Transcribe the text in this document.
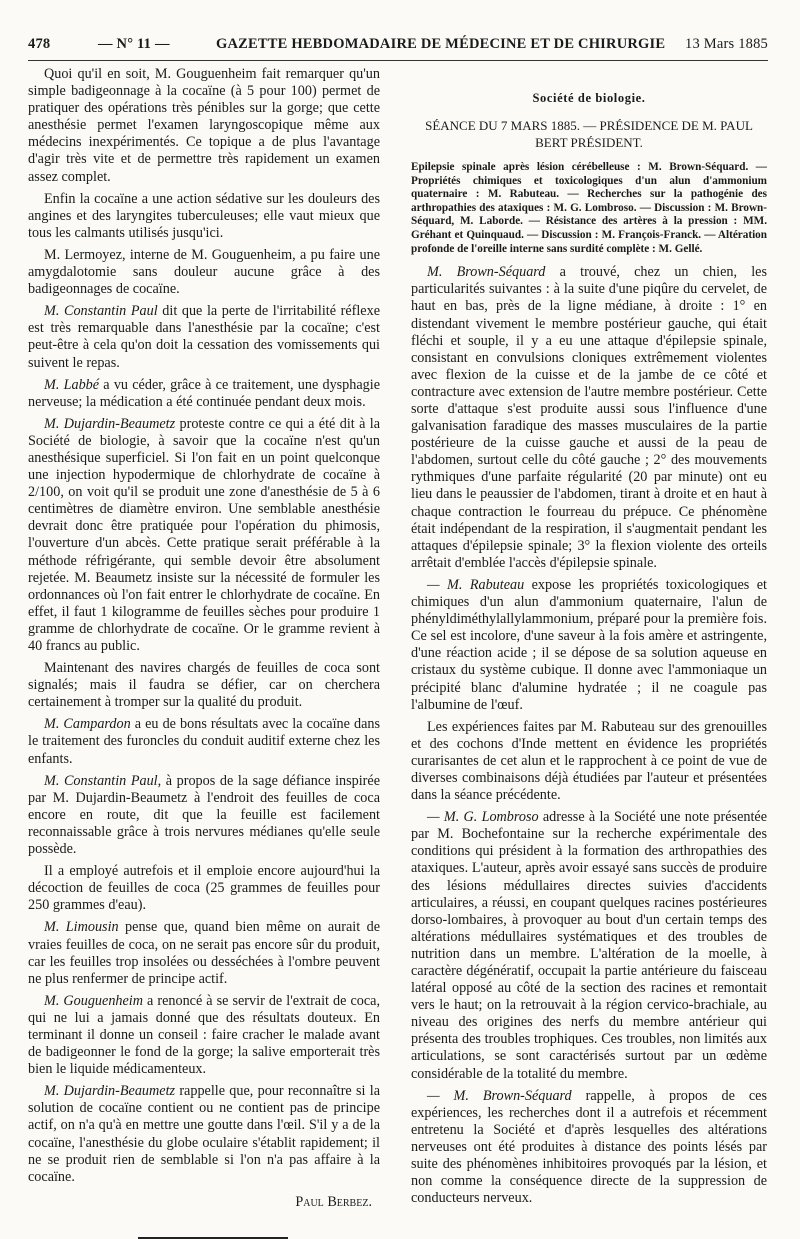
478	— N° 11 —	GAZETTE HEBDOMADAIRE DE MÉDECINE ET DE CHIRURGIE 13 Mars 1885

Quoi qu'il en soit, M. Gouguenheim fait remarquer qu'un simple badigeonnage à la cocaïne (à 5 pour 100) permet de pratiquer des opérations très pénibles sur la gorge; que cette anesthésie permet l'examen laryngoscopique même aux médecins inexpérimentés. Ce topique a de plus l'avantage d'agir très vite et de permettre très rapidement un examen assez complet.

Enfin la cocaïne a une action sédative sur les douleurs des angines et des laryngites tuberculeuses; elle vaut mieux que tous les calmants utilisés jusqu'ici.

M. Lermoyez, interne de M. Gouguenheim, a pu faire une amygdalotomie sans douleur aucune grâce à des badigeonnages de cocaïne.

M. Constantin Paul dit que la perte de l'irritabilité réflexe est très remarquable dans l'anesthésie par la cocaïne; c'est peut-être à cela qu'on doit la cessation des vomissements qui suivent le repas.

M. Labbé a vu céder, grâce à ce traitement, une dysphagie nerveuse; la médication a été continuée pendant deux mois.

M. Dujardin-Beaumetz proteste contre ce qui a été dit à la Société de biologie, à savoir que la cocaïne n'est qu'un anesthésique superficiel. Si l'on fait en un point quelconque une injection hypodermique de chlorhydrate de cocaïne à 2/100, on voit qu'il se produit une zone d'anesthésie de 5 à 6 centimètres de diamètre environ. Une semblable anesthésie devrait donc être pratiquée pour l'opération du phimosis, l'ouverture d'un abcès. Cette pratique serait préférable à la méthode réfrigérante, qui semble devoir être absolument rejetée. M. Beaumetz insiste sur la nécessité de formuler les ordonnances où l'on fait entrer le chlorhydrate de cocaïne. En effet, il faut 1 kilogramme de feuilles sèches pour produire 1 gramme de chlorhydrate de cocaïne. Or le gramme revient à 40 francs au public.

Maintenant des navires chargés de feuilles de coca sont signalés; mais il faudra se défier, car on cherchera certainement à tromper sur la qualité du produit.

M. Campardon a eu de bons résultats avec la cocaïne dans le traitement des furoncles du conduit auditif externe chez les enfants.

M. Constantin Paul, à propos de la sage défiance inspirée par M. Dujardin-Beaumetz à l'endroit des feuilles de coca encore en route, dit que la feuille est facilement reconnaissable grâce à trois nervures médianes qu'elle seule possède.

Il a employé autrefois et il emploie encore aujourd'hui la décoction de feuilles de coca (25 grammes de feuilles pour 250 grammes d'eau).

M. Limousin pense que, quand bien même on aurait de vraies feuilles de coca, on ne serait pas encore sûr du produit, car les feuilles trop insolées ou desséchées à l'ombre peuvent ne plus renfermer de principe actif.

M. Gouguenheim a renoncé à se servir de l'extrait de coca, qui ne lui a jamais donné que des résultats douteux. En terminant il donne un conseil : faire cracher le malade avant de badigeonner le fond de la gorge; la salive emporterait très bien le liquide médicamenteux.

M. Dujardin-Beaumetz rappelle que, pour reconnaître si la solution de cocaïne contient ou ne contient pas de principe actif, on n'a qu'à en mettre une goutte dans l'œil. S'il y a de la cocaïne, l'anesthésie du globe oculaire s'établit rapidement; il ne se produit rien de semblable si l'on n'a pas affaire à la cocaïne.

Paul Berbez.
Société de biologie.
SÉANCE DU 7 MARS 1885. — PRÉSIDENCE DE M. PAUL BERT PRÉSIDENT.
Epilepsie spinale après lésion cérébelleuse : M. Brown-Séquard. — Propriétés chimiques et toxicologiques d'un alun d'ammonium quaternaire : M. Rabuteau. — Recherches sur la pathogénie des arthropathies des ataxiques : M. G. Lombroso. — Discussion : M. Brown-Séquard, M. Laborde. — Résistance des artères à la pression : MM. Gréhant et Quinquaud. — Discussion : M. François-Franck. — Altération profonde de l'oreille interne sans surdité complète : M. Gellé.

M. Brown-Séquard a trouvé, chez un chien, les particularités suivantes : à la suite d'une piqûre du cervelet, de haut en bas, près de la ligne médiane, à droite : 1° en distendant vivement le membre postérieur gauche, qui était fléchi et souple, il y a eu une attaque d'épilepsie spinale, consistant en convulsions cloniques extrêmement violentes avec flexion de la cuisse et de la jambe de ce côté et contracture avec extension de l'autre membre postérieur. Cette sorte d'attaque s'est produite aussi sous l'influence d'une galvanisation faradique des masses musculaires de la partie postérieure de la cuisse gauche et aussi de la peau de l'abdomen, surtout celle du côté gauche ; 2° des mouvements rythmiques d'une parfaite régularité (20 par minute) ont eu lieu dans le peaussier de l'abdomen, tirant à droite et en haut à chaque contraction le fourreau du prépuce. Ce phénomène était indépendant de la respiration, il s'augmentait pendant les attaques d'épilepsie spinale; 3° la flexion violente des orteils arrêtait d'emblée l'accès d'épilepsie spinale.

— M. Rabuteau expose les propriétés toxicologiques et chimiques d'un alun d'ammonium quaternaire, l'alun de phényldiméthylallylammonium, préparé pour la première fois. Ce sel est incolore, d'une saveur à la fois amère et astringente, d'une réaction acide ; il se dépose de sa solution aqueuse en cristaux du système cubique. Il donne avec l'ammoniaque un précipité blanc d'alumine hydratée ; il ne coagule pas l'albumine de l'œuf.

Les expériences faites par M. Rabuteau sur des grenouilles et des cochons d'Inde mettent en évidence les propriétés curarisantes de cet alun et le rapprochent à ce point de vue de diverses combinaisons déjà étudiées par l'auteur et présentées dans la séance précédente.

— M. G. Lombroso adresse à la Société une note présentée par M. Bochefontaine sur la recherche expérimentale des conditions qui président à la formation des arthropathies des ataxiques. L'auteur, après avoir essayé sans succès de produire des lésions médullaires directes suivies d'accidents articulaires, a réussi, en coupant quelques racines postérieures dorso-lombaires, à provoquer au bout d'un certain temps des altérations médullaires systématiques et des troubles de nutrition dans un membre. L'altération de la moelle, à caractère dégénératif, occupait la partie antérieure du faisceau latéral opposé au côté de la section des racines et remontait vers le haut; on la retrouvait à la région cervico-brachiale, au niveau des origines des nerfs du membre antérieur qui présenta des troubles trophiques. Ces troubles, non limités aux articulations, se sont caractérisés surtout par un œdème considérable de la totalité du membre.

— M. Brown-Séquard rappelle, à propos de ces expériences, les recherches dont il a autrefois et récemment entretenu la Société et d'après lesquelles des altérations nerveuses ont été produites à distance des points lésés par suite des phénomènes inhibitoires provoqués par la lésion, et non comme la conséquence directe de la suppression de conducteurs nerveux.
